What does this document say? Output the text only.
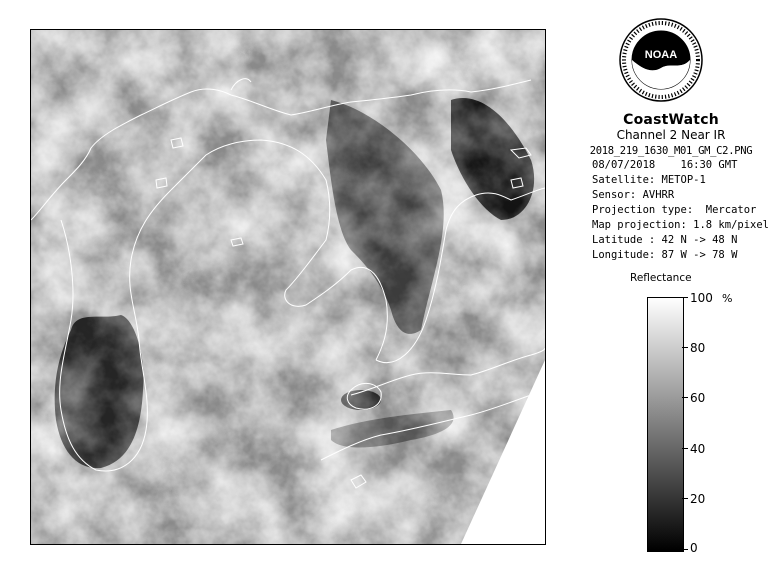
NOAA
CoastWatch
Channel 2 Near IR
2018_219_1630_M01_GM_C2.PNG
08/07/2018    16:30 GMT
Satellite: METOP-1
Sensor: AVHRR
Projection type:  Mercator
Map projection: 1.8 km/pixel
Latitude : 42 N -> 48 N
Longitude: 87 W -> 78 W
Reflectance
%
100
80
60
40
20
0
